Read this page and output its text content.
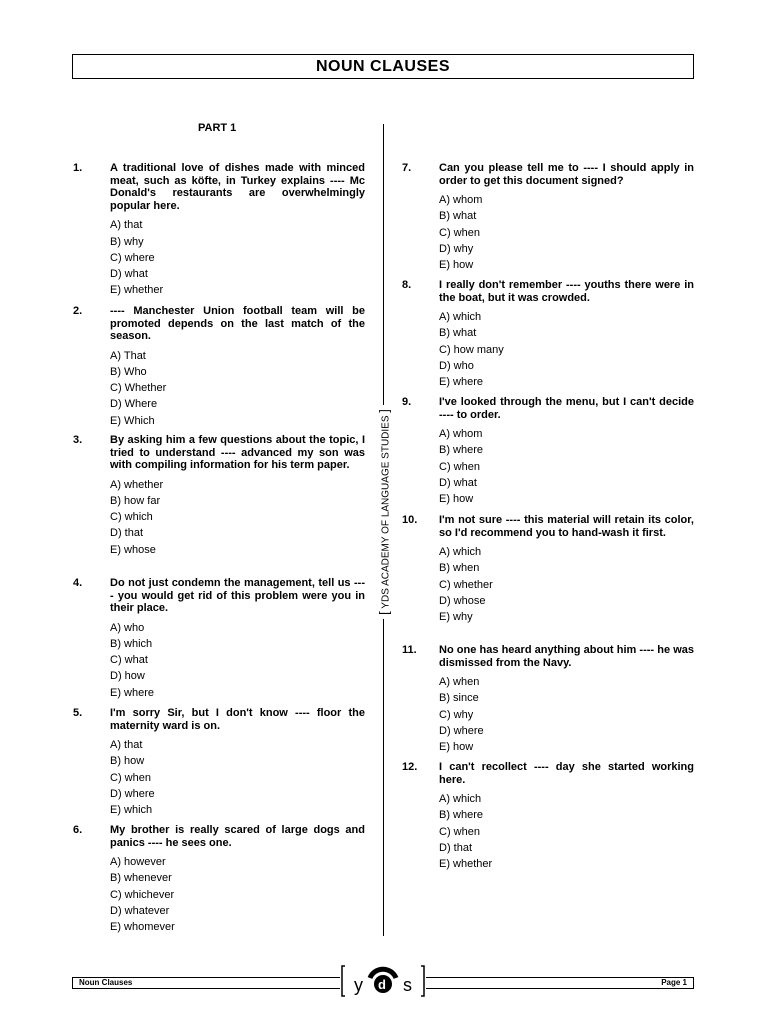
NOUN CLAUSES
PART 1
[ YDS ACADEMY OF LANGUAGE STUDIES ]
1.	A traditional love of dishes made with minced meat, such as köfte, in Turkey explains ---- Mc Donald's restaurants are overwhelmingly popular here.
A) that
B) why
C) where
D) what
E) whether
2.	---- Manchester Union football team will be promoted depends on the last match of the season.
A) That
B) Who
C) Whether
D) Where
E) Which
3.	By asking him a few questions about the topic, I tried to understand ---- advanced my son was with compiling information for his term paper.
A) whether
B) how far
C) which
D) that
E) whose
4.	Do not just condemn the management, tell us ---- you would get rid of this problem were you in their place.
A) who
B) which
C) what
D) how
E) where
5.	I'm sorry Sir, but I don't know ---- floor the maternity ward is on.
A) that
B) how
C) when
D) where
E) which
6.	My brother is really scared of large dogs and panics ---- he sees one.
A) however
B) whenever
C) whichever
D) whatever
E) whomever
7.	Can you please tell me to ---- I should apply in order to get this document signed?
A) whom
B) what
C) when
D) why
E) how
8.	I really don't remember ---- youths there were in the boat, but it was crowded.
A) which
B) what
C) how many
D) who
E) where
9.	I've looked through the menu, but I can't decide ---- to order.
A) whom
B) where
C) when
D) what
E) how
10. I'm not sure ---- this material will retain its color, so I'd recommend you to hand-wash it first.
A) which
B) when
C) whether
D) whose
E) why
11. No one has heard anything about him ---- he was dismissed from the Navy.
A) when
B) since
C) why
D) where
E) how
12. I can't recollect ---- day she started working here.
A) which
B) where
C) when
D) that
E) whether
Noun Clauses	Page 1
y d s
